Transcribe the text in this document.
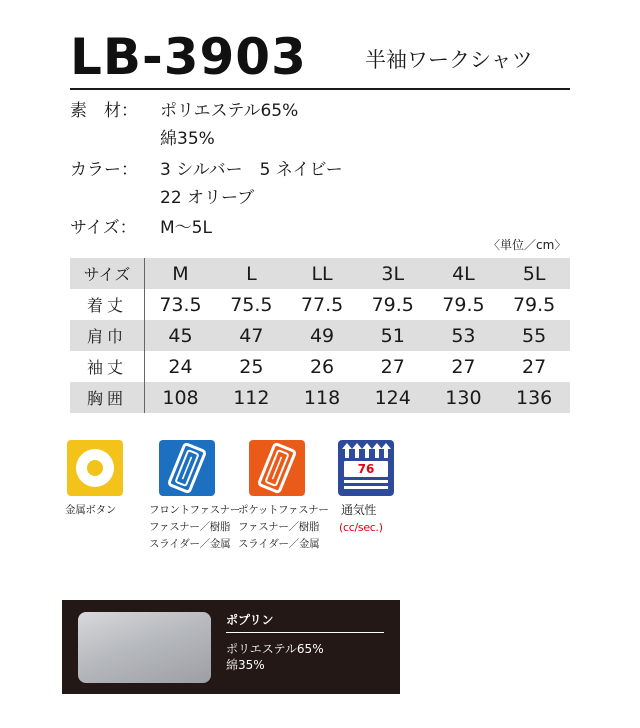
LB-3903	半袖ワークシャツ
素　材： ポリエステル65%
綿35%
カラー： 3 シルバー　5 ネイビー
22 オリーブ
サイズ： M～5L
〈単位／cm〉
サイズ	M	L	LL	3L	4L	5L
着丈	73.5	75.5	77.5	79.5	79.5	79.5
肩巾	45	47	49	51	53	55
袖丈	24	25	26	27	27	27
胸囲	108	112	118	124	130	136
76
金属ボタン	フロントファスナー
ファスナー／樹脂
スライダー／金属
ポケットファスナー
ファスナー／樹脂
スライダー／金属
通気性
(cc/sec.)
ポプリン
ポリエステル65%
綿35%
